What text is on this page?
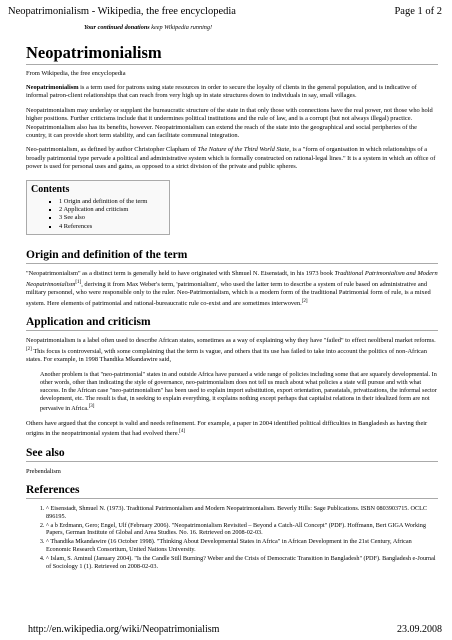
Neopatrimonialism - Wikipedia, the free encyclopedia	Page 1 of 2
Your continued donations keep Wikipedia running!
Neopatrimonialism
From Wikipedia, the free encyclopedia

Neopatrimonialism is a term used for patrons using state resources in order to secure the loyalty of clients in the general population, and is indicative of informal patron-client relationships that can reach from very high up in state structures down to individuals in say, small villages.

Neopatrimonialism may underlay or supplant the bureaucratic structure of the state in that only those with connections have the real power, not those who hold higher positions. Further criticisms include that it undermines political institutions and the rule of law, and is a corrupt (but not always illegal) practice. Neopatrimonialism also has its benefits, however. Neopatrimonialism can extend the reach of the state into the geographical and social peripheries of the country, it can provide short term stability, and can facilitate communal integration.

Neo-patrimonialism, as defined by author Christopher Clapham of The Nature of the Third World State, is a "form of organisation in which relationships of a broadly patrimonial type pervade a political and administrative system which is formally constructed on rational-legal lines." It is a system in which an office of power is used for personal uses and gains, as opposed to a strict division of the private and public spheres.

Contents
▪ 1 Origin and definition of the term
▪ 2 Application and criticism
▪ 3 See also
▪ 4 References
Origin and definition of the term

"Neopatrimonialism" as a distinct term is generally held to have originated with Shmuel N. Eisenstadt, in his 1973 book Traditional Patrimonialism and Modern Neopatrimonialism[1], deriving it from Max Weber's term, 'patrimonialism', who used the latter term to describe a system of rule based on administrative and military personnel, who were responsible only to the ruler. Neo-Patrimonialism, which is a modern form of the traditional Patrimonial form of rule, is a mixed system. Here elements of patrimonial and rational-bureaucratic rule co-exist and are sometimes interwoven.[2]

Application and criticism

Neopatrimonialism is a label often used to describe African states, sometimes as a way of explaining why they have "failed" to effect neoliberal market reforms.[2] This focus is controversial, with some complaining that the term is vague, and others that its use has failed to take into account the politics of non-African states. For example, in 1998 Thandika Mkandawire said,

Another problem is that "neo-patrimonial" states in and outside Africa have pursued a wide range of policies including some that are squarely developmental. In other words, other than indicating the style of governance, neo-patrimonialism does not tell us much about what policies a state will pursue and with what success. In the African case "neo-patrimonialism" has been used to explain import substitution, export orientation, parastatals, privatizations, the informal sector development, etc. The result is that, in seeking to explain everything, it explains nothing except perhaps that capitalist relations in their idealized form are not pervasive in Africa.[3]

Others have argued that the concept is valid and needs refinement. For example, a paper in 2004 identified political difficulties in Bangladesh as having their origins in the neopatrimonial system that had evolved there.[4]

See also

Prebendalism

References
1. ^ Eisenstadt, Shmuel N. (1973). Traditional Patrimonialism and Modern Neopatrimonialism. Beverly Hills: Sage Publications. ISBN 0803903715. OCLC 896195.
2. ^ a b Erdmann, Gero; Engel, Ulf (February 2006). "Neopatrimonialism Revisited – Beyond a Catch-All Concept" (PDF). Hoffmann, Bert GIGA Working Papers, German Institute of Global and Area Studies. No. 16. Retrieved on 2008-02-03.
3. ^ Thandika Mkandawire (16 October 1998). "Thinking About Developmental States in Africa" in African Development in the 21st Century, African Economic Research Consortium, United Nations University.
4. ^ Islam, S. Aminul (January 2004). "Is the Candle Still Burning? Weber and the Crisis of Democratic Transition in Bangladesh" (PDF). Bangladesh e-Journal of Sociology 1 (1). Retrieved on 2008-02-03.
http://en.wikipedia.org/wiki/Neopatrimonialism	23.09.2008
